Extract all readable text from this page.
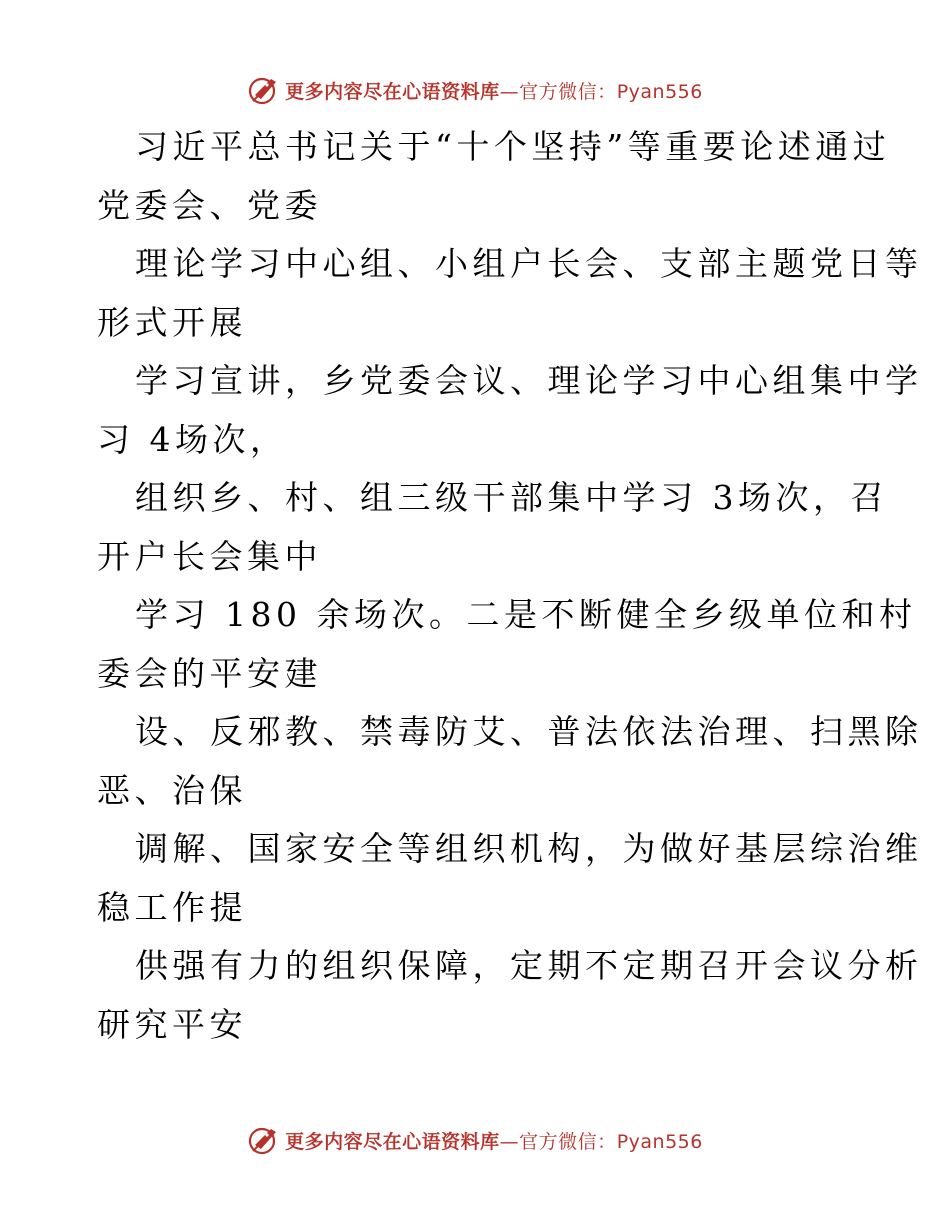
更多内容尽在心语资料库—官方微信：Pyan556

习近平总书记关于“十个坚持”等重要论述通过
党委会、党委

理论学习中心组、小组户长会、支部主题党日等
形式开展

学习宣讲，乡党委会议、理论学习中心组集中学
习 4场次，

组织乡、村、组三级干部集中学习 3场次，召
开户长会集中

学习 180 余场次。二是不断健全乡级单位和村
委会的平安建

设、反邪教、禁毒防艾、普法依法治理、扫黑除
恶、治保

调解、国家安全等组织机构，为做好基层综治维
稳工作提

供强有力的组织保障，定期不定期召开会议分析
研究平安

更多内容尽在心语资料库—官方微信：Pyan556
